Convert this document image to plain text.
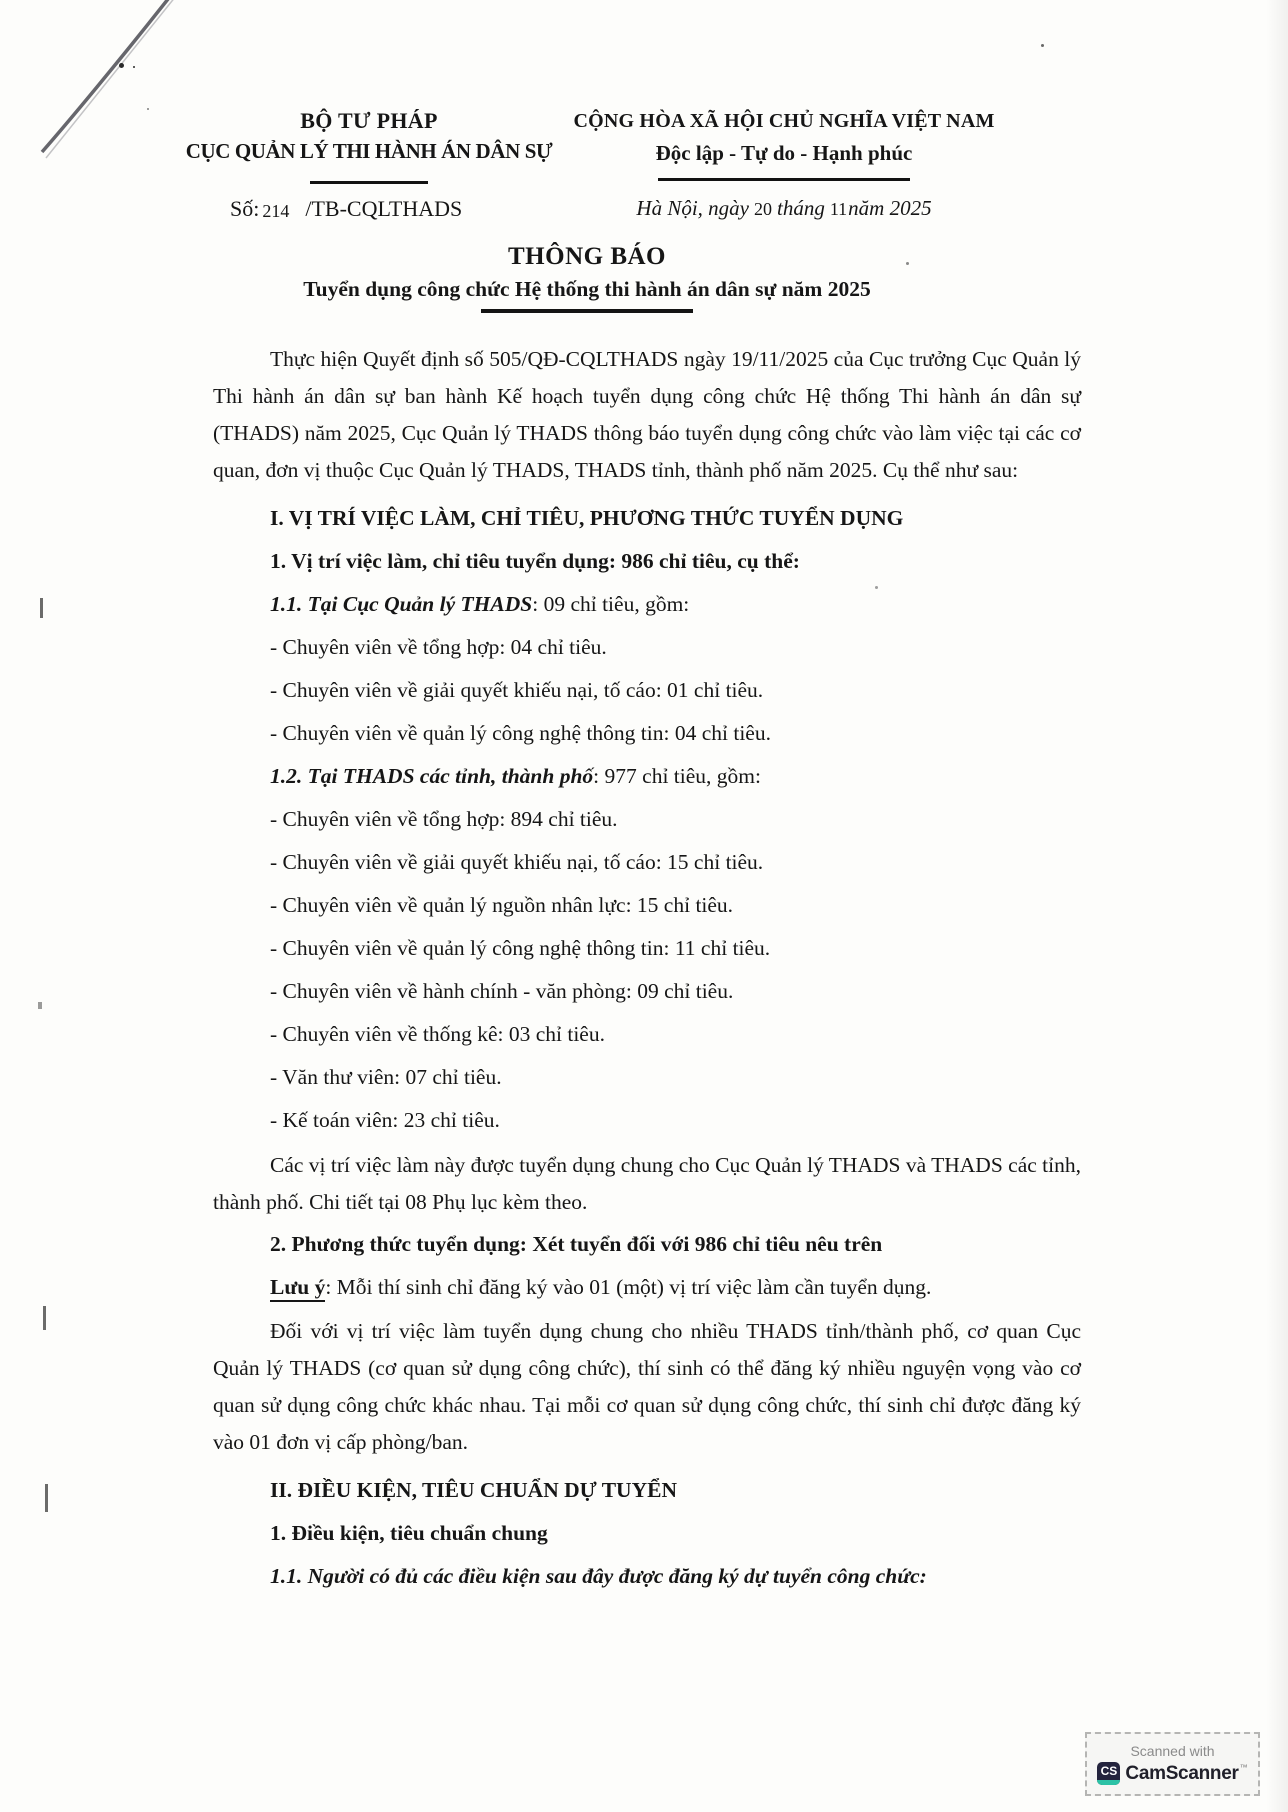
BỘ TƯ PHÁP
CỤC QUẢN LÝ THI HÀNH ÁN DÂN SỰ
CỘNG HÒA XÃ HỘI CHỦ NGHĨA VIỆT NAM
Độc lập - Tự do - Hạnh phúc
Số: 214 /TB-CQLTHADS	Hà Nội, ngày 20 tháng 11năm 2025

THÔNG BÁO

Tuyển dụng công chức Hệ thống thi hành án dân sự năm 2025

Thực hiện Quyết định số 505/QĐ-CQLTHADS ngày 19/11/2025 của Cục trưởng Cục Quản lý Thi hành án dân sự ban hành Kế hoạch tuyển dụng công chức Hệ thống Thi hành án dân sự (THADS) năm 2025, Cục Quản lý THADS thông báo tuyển dụng công chức vào làm việc tại các cơ quan, đơn vị thuộc Cục Quản lý THADS, THADS tỉnh, thành phố năm 2025. Cụ thể như sau:

I. VỊ TRÍ VIỆC LÀM, CHỈ TIÊU, PHƯƠNG THỨC TUYỂN DỤNG

1. Vị trí việc làm, chỉ tiêu tuyển dụng: 986 chỉ tiêu, cụ thể:

1.1. Tại Cục Quản lý THADS: 09 chỉ tiêu, gồm:

- Chuyên viên về tổng hợp: 04 chỉ tiêu.

- Chuyên viên về giải quyết khiếu nại, tố cáo: 01 chỉ tiêu.

- Chuyên viên về quản lý công nghệ thông tin: 04 chỉ tiêu.

1.2. Tại THADS các tỉnh, thành phố: 977 chỉ tiêu, gồm:

- Chuyên viên về tổng hợp: 894 chỉ tiêu.

- Chuyên viên về giải quyết khiếu nại, tố cáo: 15 chỉ tiêu.

- Chuyên viên về quản lý nguồn nhân lực: 15 chỉ tiêu.

- Chuyên viên về quản lý công nghệ thông tin: 11 chỉ tiêu.

- Chuyên viên về hành chính - văn phòng: 09 chỉ tiêu.

- Chuyên viên về thống kê: 03 chỉ tiêu.

- Văn thư viên: 07 chỉ tiêu.

- Kế toán viên: 23 chỉ tiêu.

Các vị trí việc làm này được tuyển dụng chung cho Cục Quản lý THADS và THADS các tỉnh, thành phố. Chi tiết tại 08 Phụ lục kèm theo.

2. Phương thức tuyển dụng: Xét tuyển đối với 986 chỉ tiêu nêu trên

Lưu ý: Mỗi thí sinh chỉ đăng ký vào 01 (một) vị trí việc làm cần tuyển dụng.

Đối với vị trí việc làm tuyển dụng chung cho nhiều THADS tỉnh/thành phố, cơ quan Cục Quản lý THADS (cơ quan sử dụng công chức), thí sinh có thể đăng ký nhiều nguyện vọng vào cơ quan sử dụng công chức khác nhau. Tại mỗi cơ quan sử dụng công chức, thí sinh chỉ được đăng ký vào 01 đơn vị cấp phòng/ban.

II. ĐIỀU KIỆN, TIÊU CHUẨN DỰ TUYỂN

1. Điều kiện, tiêu chuẩn chung

1.1. Người có đủ các điều kiện sau đây được đăng ký dự tuyển công chức:

Scanned with
CS CamScanner ™
